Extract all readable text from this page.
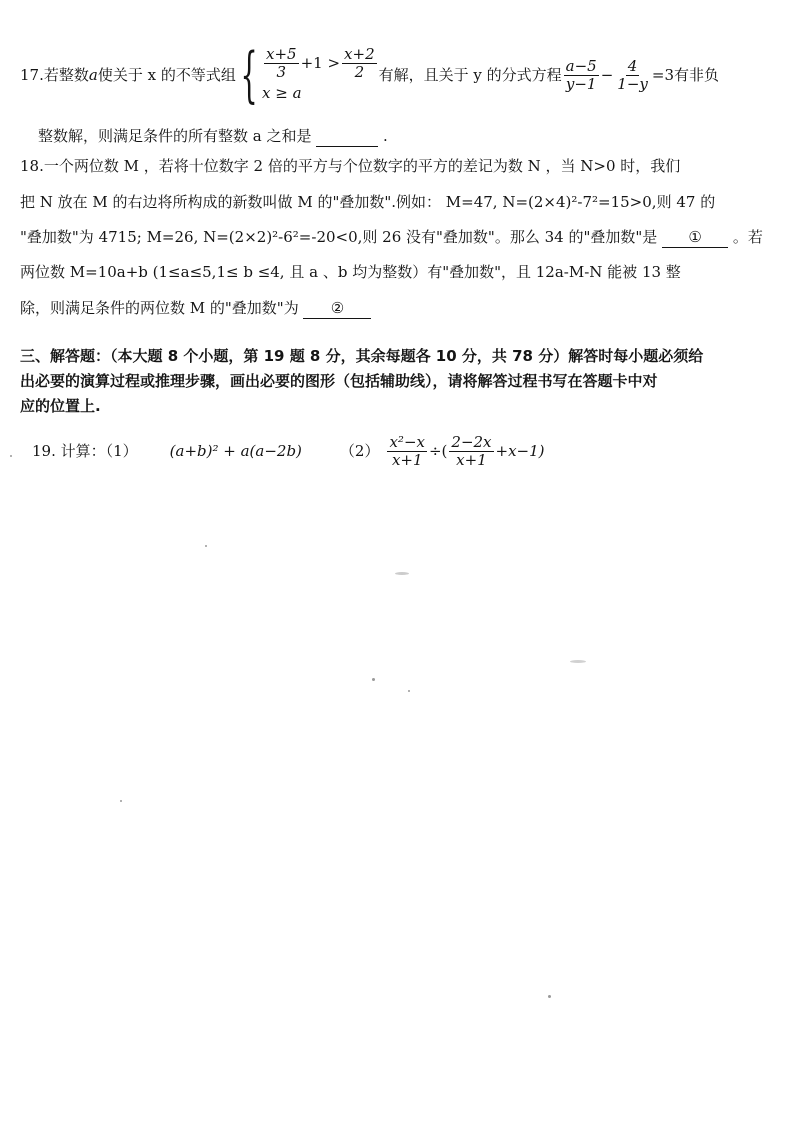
17. 若整数 a 使关于 x 的不等式组 { $\frac{x+5}{3} +1 > \frac{x+2}{2}$
x ≥ a
有解，且关于 y 的分式方程 $\frac{a-5}{y-1} - \frac{4}{1-y} =3$有非负
整数解，则满足条件的所有整数 a 之和是	.
18.一个两位数 M ，若将十位数字 2 倍的平方与个位数字的平方的差记为数 N ，当 N>0 时，我们
把 N 放在 M 的右边将所构成的新数叫做 M 的"叠加数".例如： M=47, N=(2×4)²-7²=15>0,则 47 的
"叠加数"为 4715; M=26, N=(2×2)²-6²=-20<0,则 26 没有"叠加数"。那么 34 的"叠加数"是 ① 。若
两位数 M=10a+b (1≤a≤5,1≤ b ≤4, 且 a 、b 均为整数）有"叠加数"，且 12a-M-N 能被 13 整
除，则满足条件的两位数 M 的"叠加数"为 ②
三、解答题：（本大题 8 个小题，第 19 题 8 分，其余每题各 10 分，共 78 分）解答时每小题必须给
出必要的演算过程或推理步骤，画出必要的图形（包括辅助线），请将解答过程书写在答题卡中对
应的位置上.
19. 计算：（1） (a+b)² + a(a−2b)	$(2) \frac{\text{x²−x}}{x+1}$ ÷( $\frac{2-2x}{x+1} +x-1$)
